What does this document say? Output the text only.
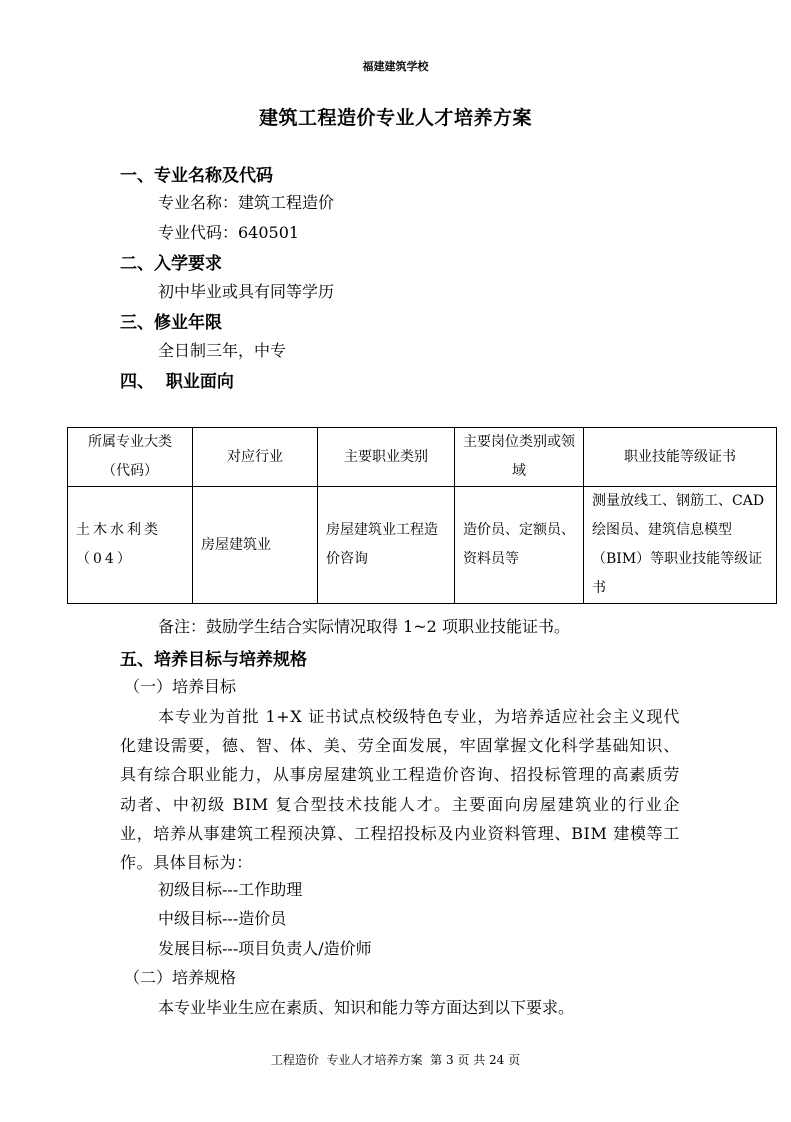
福建建筑学校
建筑工程造价专业人才培养方案
一、专业名称及代码
专业名称：建筑工程造价
专业代码：640501
二、入学要求
初中毕业或具有同等学历
三、修业年限
全日制三年，中专
四、  职业面向
所属专业大类（代码）	对应行业	主要职业类别	主要岗位类别或领域	职业技能等级证书
土木水利类（04）	房屋建筑业	房屋建筑业工程造价咨询	造价员、定额员、资料员等	测量放线工、钢筋工、CAD 绘图员、建筑信息模型（BIM）等职业技能等级证书
备注：鼓励学生结合实际情况取得 1~2 项职业技能证书。
五、培养目标与培养规格
（一）培养目标
本专业为首批 1+X 证书试点校级特色专业，为培养适应社会主义现代化建设需要，德、智、体、美、劳全面发展，牢固掌握文化科学基础知识、具有综合职业能力，从事房屋建筑业工程造价咨询、招投标管理的高素质劳动者、中初级 BIM 复合型技术技能人才。主要面向房屋建筑业的行业企业，培养从事建筑工程预决算、工程招投标及内业资料管理、BIM 建模等工作。具体目标为：
初级目标---工作助理
中级目标---造价员
发展目标---项目负责人/造价师
（二）培养规格
本专业毕业生应在素质、知识和能力等方面达到以下要求。
工程造价  专业人才培养方案  第 3 页 共 24 页
